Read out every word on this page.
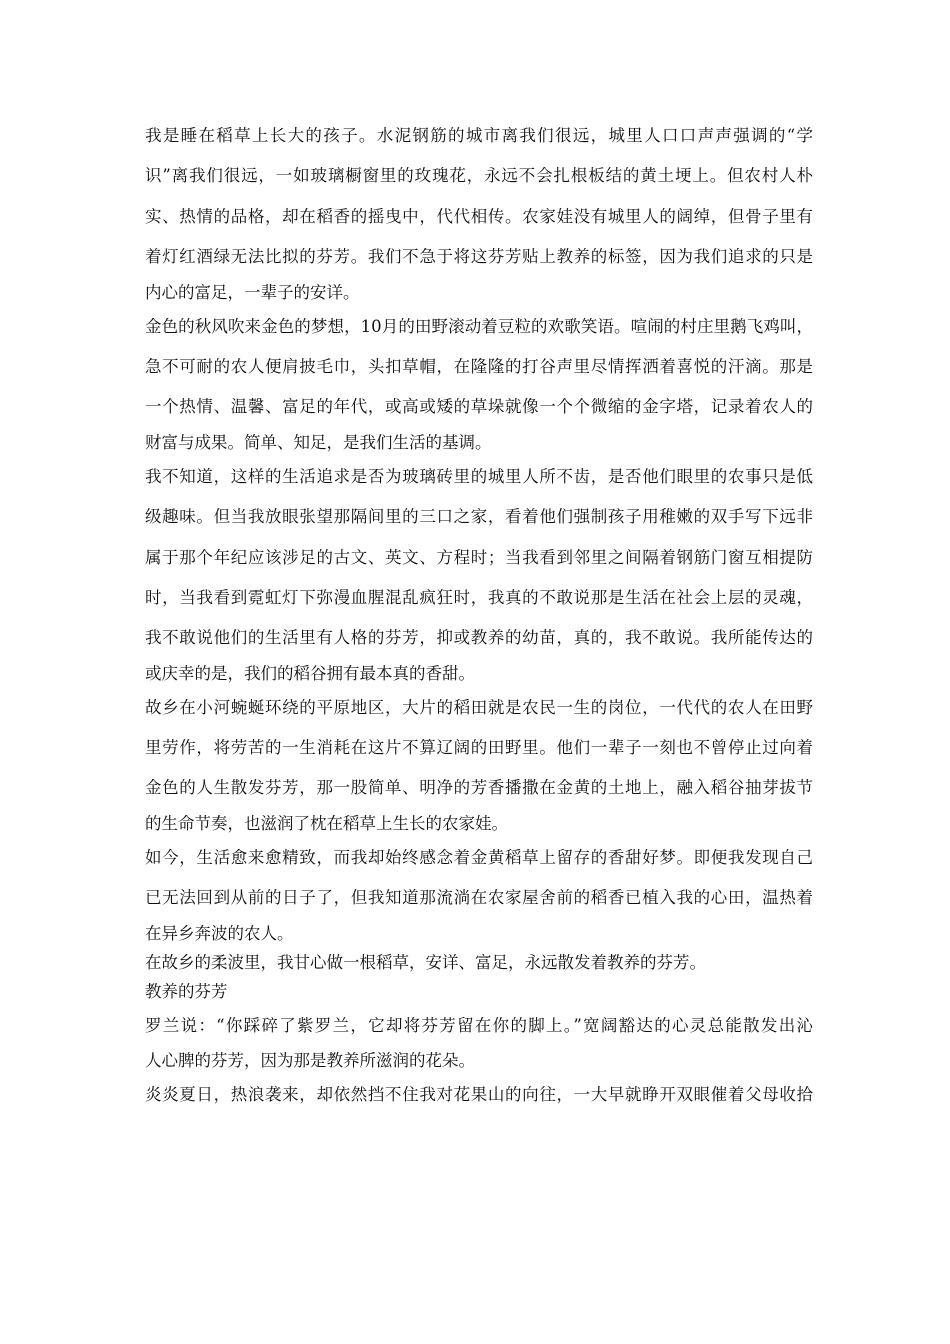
我是睡在稻草上长大的孩子。水泥钢筋的城市离我们很远，城里人口口声声强调的“学
识”离我们很远，一如玻璃橱窗里的玫瑰花，永远不会扎根板结的黄土埂上。但农村人朴
实、热情的品格，却在稻香的摇曳中，代代相传。农家娃没有城里人的阔绰，但骨子里有
着灯红酒绿无法比拟的芬芳。我们不急于将这芬芳贴上教养的标签，因为我们追求的只是
内心的富足，一辈子的安详。
金色的秋风吹来金色的梦想，10月的田野滚动着豆粒的欢歌笑语。喧闹的村庄里鹅飞鸡叫，
急不可耐的农人便肩披毛巾，头扣草帽，在隆隆的打谷声里尽情挥洒着喜悦的汗滴。那是
一个热情、温馨、富足的年代，或高或矮的草垛就像一个个微缩的金字塔，记录着农人的
财富与成果。简单、知足，是我们生活的基调。
我不知道，这样的生活追求是否为玻璃砖里的城里人所不齿，是否他们眼里的农事只是低
级趣味。但当我放眼张望那隔间里的三口之家，看着他们强制孩子用稚嫩的双手写下远非
属于那个年纪应该涉足的古文、英文、方程时；当我看到邻里之间隔着钢筋门窗互相提防
时，当我看到霓虹灯下弥漫血腥混乱疯狂时，我真的不敢说那是生活在社会上层的灵魂，
我不敢说他们的生活里有人格的芬芳，抑或教养的幼苗，真的，我不敢说。我所能传达的
或庆幸的是，我们的稻谷拥有最本真的香甜。
故乡在小河蜿蜒环绕的平原地区，大片的稻田就是农民一生的岗位，一代代的农人在田野
里劳作，将劳苦的一生消耗在这片不算辽阔的田野里。他们一辈子一刻也不曾停止过向着
金色的人生散发芬芳，那一股简单、明净的芳香播撒在金黄的土地上，融入稻谷抽芽拔节
的生命节奏，也滋润了枕在稻草上生长的农家娃。
如今，生活愈来愈精致，而我却始终感念着金黄稻草上留存的香甜好梦。即便我发现自己
已无法回到从前的日子了，但我知道那流淌在农家屋舍前的稻香已植入我的心田，温热着
在异乡奔波的农人。
在故乡的柔波里，我甘心做一根稻草，安详、富足，永远散发着教养的芬芳。
教养的芬芳
罗兰说：“你踩碎了紫罗兰，它却将芬芳留在你的脚上。”宽阔豁达的心灵总能散发出沁
人心脾的芬芳，因为那是教养所滋润的花朵。
炎炎夏日，热浪袭来，却依然挡不住我对花果山的向往，一大早就睁开双眼催着父母收拾
